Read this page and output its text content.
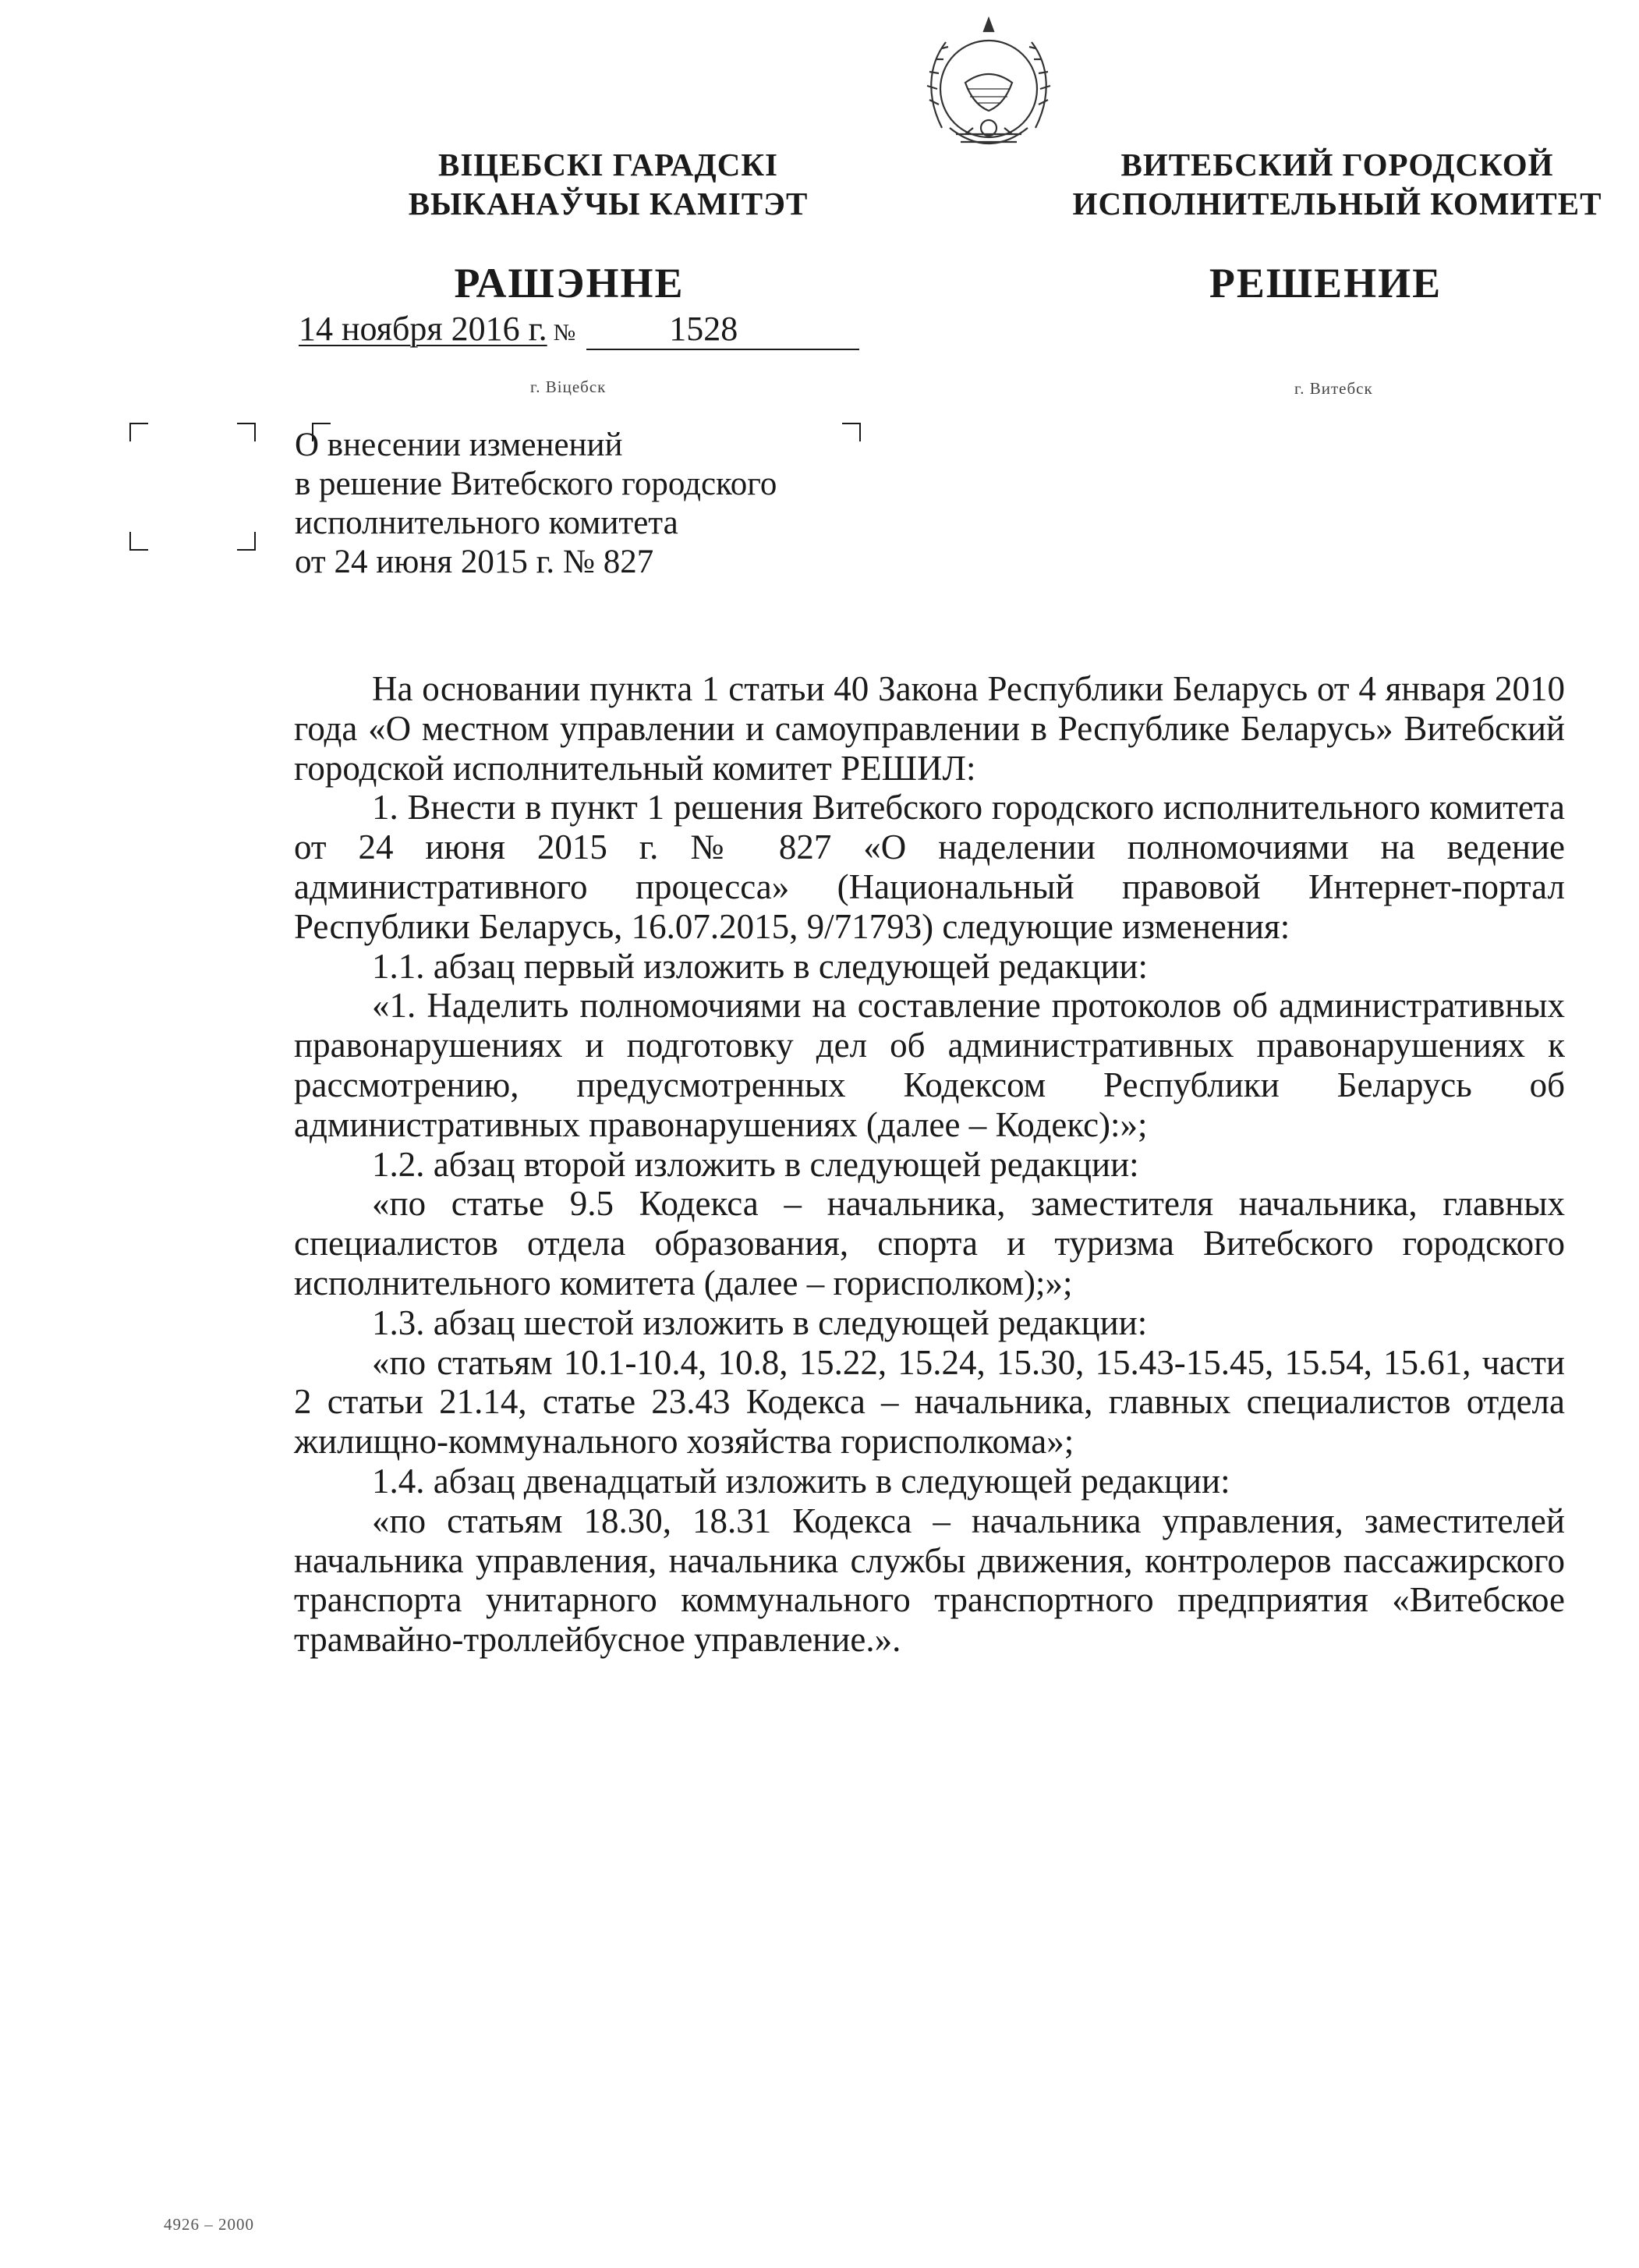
ВІЦЕБСКІ ГАРАДСКІ
ВЫКАНАЎЧЫ КАМІТЭТ
ВИТЕБСКИЙ ГОРОДСКОЙ
ИСПОЛНИТЕЛЬНЫЙ КОМИТЕТ
РАШЭННЕ	РЕШЕНИЕ
14 ноября 2016 г. №	1528
г. Віцебск	г. Витебск
О внесении изменений
в решение Витебского городского
исполнительного комитета
от 24 июня 2015 г. № 827

На основании пункта 1 статьи 40 Закона Республики Беларусь от 4 января 2010 года «О местном управлении и самоуправлении в Республике Беларусь» Витебский городской исполнительный комитет РЕШИЛ:

1. Внести в пункт 1 решения Витебского городского исполнительного комитета от 24 июня 2015 г. № 827 «О наделении полномочиями на ведение административного процесса» (Национальный правовой Интернет-портал Республики Беларусь, 16.07.2015, 9/71793) следующие изменения:

1.1. абзац первый изложить в следующей редакции:

«1. Наделить полномочиями на составление протоколов об административных правонарушениях и подготовку дел об административных правонарушениях к рассмотрению, предусмотренных Кодексом Республики Беларусь об административных правонарушениях (далее – Кодекс):»;

1.2. абзац второй изложить в следующей редакции:

«по статье 9.5 Кодекса – начальника, заместителя начальника, главных специалистов отдела образования, спорта и туризма Витебского городского исполнительного комитета (далее – горисполком);»;

1.3. абзац шестой изложить в следующей редакции:

«по статьям 10.1-10.4, 10.8, 15.22, 15.24, 15.30, 15.43-15.45, 15.54, 15.61, части 2 статьи 21.14, статье 23.43 Кодекса – начальника, главных специалистов отдела жилищно-коммунального хозяйства горисполкома»;

1.4. абзац двенадцатый изложить в следующей редакции:

«по статьям 18.30, 18.31 Кодекса – начальника управления, заместителей начальника управления, начальника службы движения, контролеров пассажирского транспорта унитарного коммунального транспортного предприятия «Витебское трамвайно-троллейбусное управление.».

4926 – 2000
